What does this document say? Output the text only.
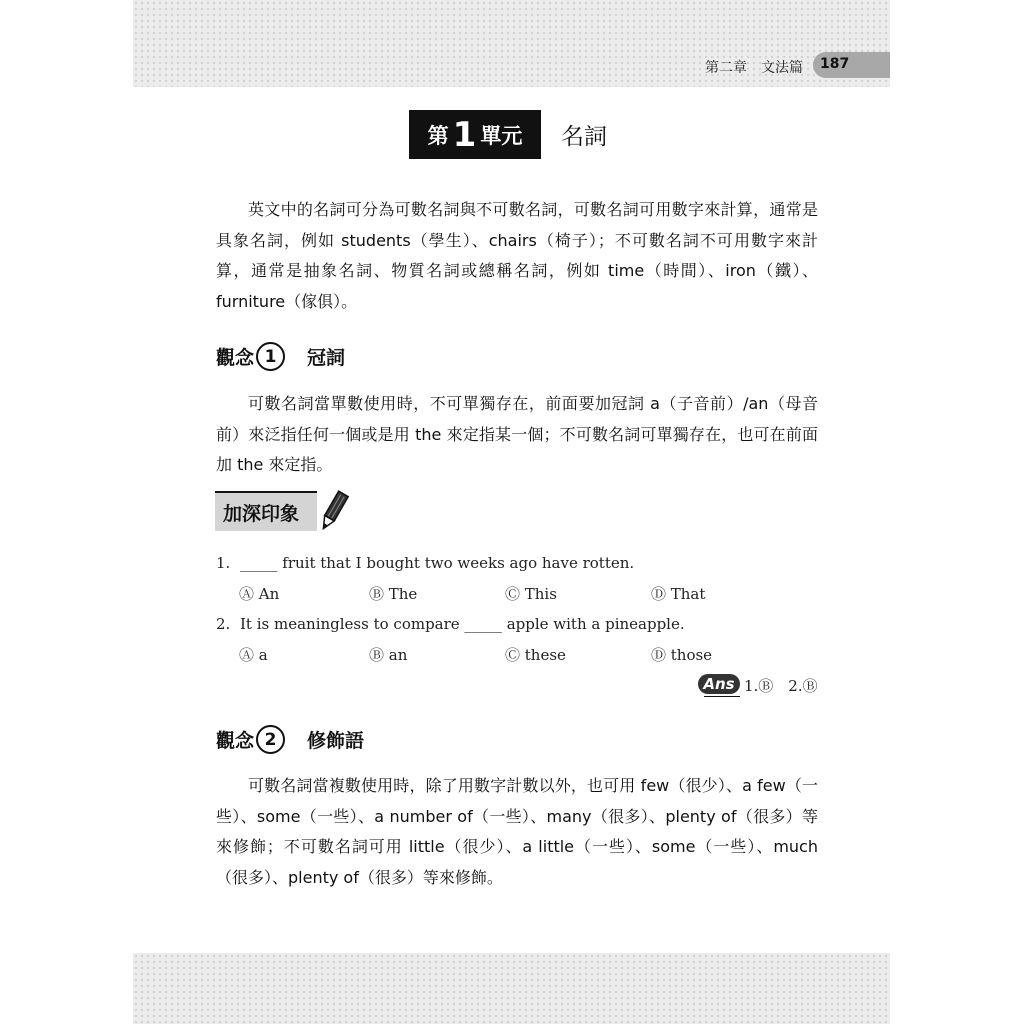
第二章　文法篇 187
第 1 單元 名詞
英文中的名詞可分為可數名詞與不可數名詞，可數名詞可用數字來計算，通常是具象名詞，例如 students（學生）、chairs（椅子）；不可數名詞不可用數字來計算，通常是抽象名詞、物質名詞或總稱名詞，例如 time（時間）、iron（鐵）、furniture（傢俱）。
觀念 1	冠詞
可數名詞當單數使用時，不可單獨存在，前面要加冠詞 a（子音前）/an（母音前）來泛指任何一個或是用 the 來定指某一個；不可數名詞可單獨存在，也可在前面加 the 來定指。
加深印象
1. _____ fruit that I bought two weeks ago have rotten.
Ⓐ An	Ⓑ The	Ⓒ This	Ⓓ That
2. It is meaningless to compare _____ apple with a pineapple.
Ⓐ a	Ⓑ an	Ⓒ these	Ⓓ those
Ans 1.Ⓑ　2.Ⓑ
觀念 2	修飾語
可數名詞當複數使用時，除了用數字計數以外，也可用 few（很少）、a few（一些）、some（一些）、a number of（一些）、many（很多）、plenty of（很多）等來修飾；不可數名詞可用 little（很少）、a little（一些）、some（一些）、much（很多）、plenty of（很多）等來修飾。
